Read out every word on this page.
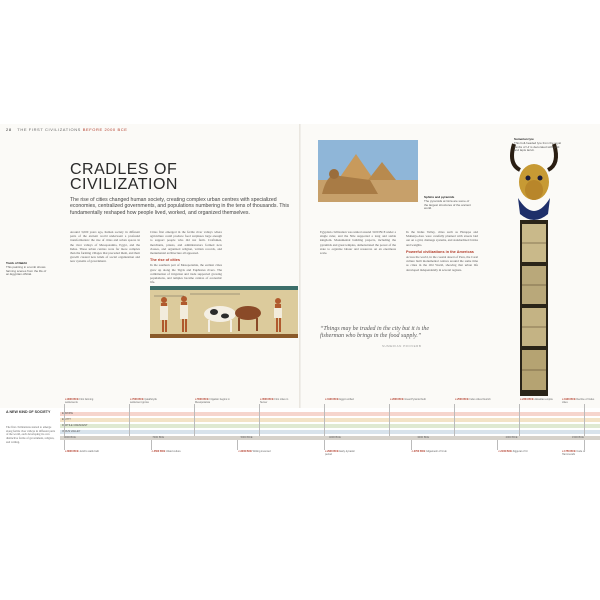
28 THE FIRST CIVILIZATIONS BEFORE 2000 BCE
CRADLES OF
CIVILIZATION
The rise of cities changed human society, creating complex urban centres with specialized economies, centralized governments, and populations numbering in the tens of thousands. This fundamentally reshaped how people lived, worked, and organized themselves.
Tomb of Nakht
This painting in a tomb shows farming scenes from the life of an Egyptian official.
Around 3,000 years ago, human society in different parts of the ancient world underwent a profound transformation: the rise of cities and urban spaces in the river valleys of Mesopotamia, Egypt, and the Indus. These urban centres were far more complex than the farming villages that preceded them, and their growth created new kinds of social organization and new systems of government.
Cities first emerged in the fertile river valleys where agriculture could produce food surpluses large enough to support people who did not farm. Craftsmen, merchants, priests, and administrators formed new classes, and organized religion, written records, and monumental architecture all appeared.
The rise of cities
In the southern part of Mesopotamia, the earliest cities grew up along the Tigris and Euphrates rivers. The combination of irrigation and trade supported growing populations, and temples became centres of economic life.
Sphinx and pyramids
The pyramids at Giza are some of the largest structures of the ancient world.
Egyptian civilization was united around 3100 BCE under a single ruler, and the Nile supported a long and stable kingdom. Monumental building projects, including the pyramids and great temples, demonstrated the power of the state to organize labour and resources on an enormous scale.
In the Indus Valley, cities such as Harappa and Mohenjo-daro were carefully planned with streets laid out on a grid, drainage systems, and standardized bricks and weights.
Powerful civilizations in the Americas
Across the world, in the coastal desert of Peru, the Caral culture built monumental centres around the same time as cities in the Old World, showing that urban life developed independently in several regions.
“Things may be traded in the city but it is the fisherman who brings in the food supply.”
SUMERIAN PROVERB
Sumerian lyre
This bull-headed lyre from the royal tombs of Ur is decorated with gold and lapis lazuli.
A NEW KIND OF SOCIETY
The first civilizations started to emerge along fertile river valleys in different parts of the world, each developing its own distinctive forms of government, religion, and writing.
EUROPE
EGYPT
FERTILE CRESCENT
INDUS VALLEY
9000 BCE	7000 BCE	5000 BCE	4000 BCE	3000 BCE	2000 BCE	1500 BCE
c.9000 BCE First farming settlements
c.7000 BCE Çatalhöyük settlement grows
c.5500 BCE Irrigation begins in Mesopotamia
c.3500 BCE First cities in Sumer
c.3100 BCE Egypt unified	c.2600 BCE Great Pyramid built	c.2500 BCE Indus cities flourish	c.2334 BCE Akkadian empire	c.1900 BCE Decline of Indus cities
c.8000 BCE Jericho walls built	c.4500 BCE Ubaid culture	c.3200 BCE Writing invented	c.2900 BCE Early dynastic period
c.2700 BCE Gilgamesh of Uruk	c.2100 BCE Ziggurat of Ur	c.1750 BCE Code of Hammurabi
